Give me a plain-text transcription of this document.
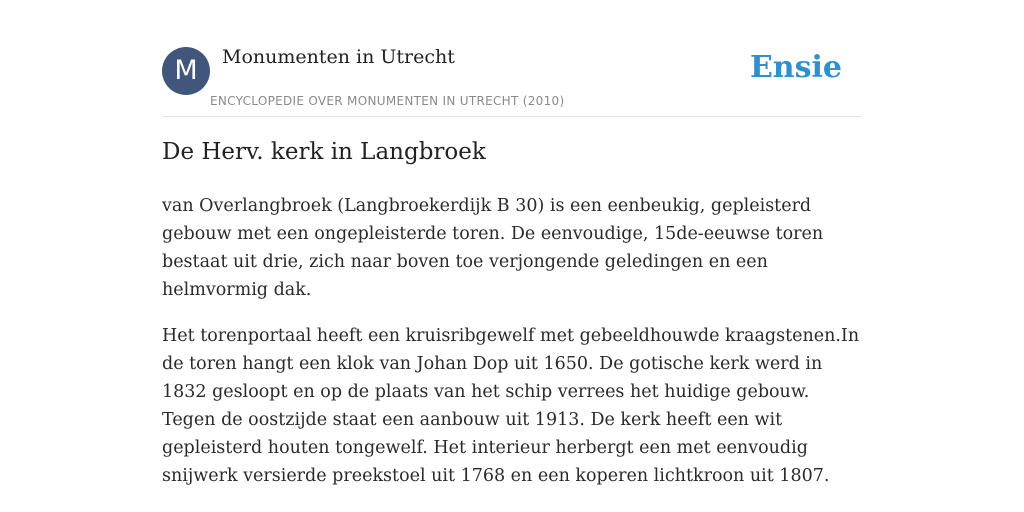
M	Monumenten in Utrecht
ENCYCLOPEDIE OVER MONUMENTEN IN UTRECHT (2010)
Ensie
De Herv. kerk in Langbroek

van Overlangbroek (Langbroekerdijk B 30) is een eenbeukig, gepleisterd gebouw met een ongepleisterde toren. De eenvoudige, 15de-eeuwse toren bestaat uit drie, zich naar boven toe verjongende geledingen en een helmvormig dak.

Het torenportaal heeft een kruisribgewelf met gebeeldhouwde kraagstenen.In de toren hangt een klok van Johan Dop uit 1650. De gotische kerk werd in 1832 gesloopt en op de plaats van het schip verrees het huidige gebouw. Tegen de oostzijde staat een aanbouw uit 1913. De kerk heeft een wit gepleisterd houten tongewelf. Het interieur herbergt een met eenvoudig snijwerk versierde preekstoel uit 1768 en een koperen lichtkroon uit 1807.
